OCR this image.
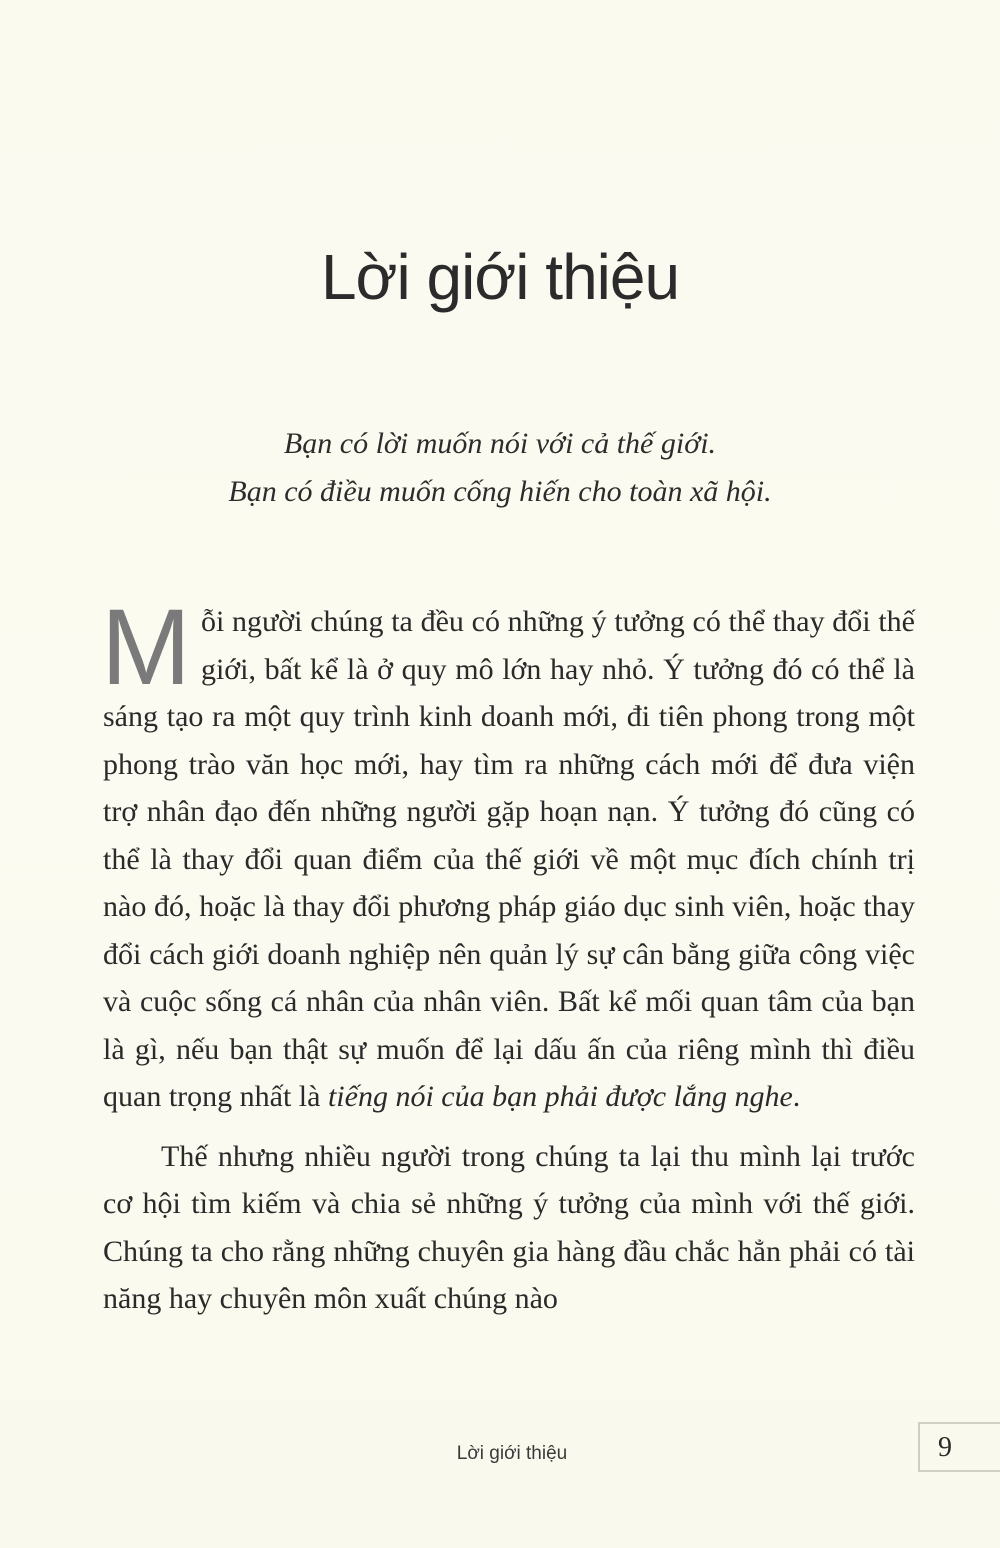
Lời giới thiệu
Bạn có lời muốn nói với cả thế giới.
Bạn có điều muốn cống hiến cho toàn xã hội.

Mỗi người chúng ta đều có những ý tưởng có thể thay đổi thế giới, bất kể là ở quy mô lớn hay nhỏ. Ý tưởng đó có thể là sáng tạo ra một quy trình kinh doanh mới, đi tiên phong trong một phong trào văn học mới, hay tìm ra những cách mới để đưa viện trợ nhân đạo đến những người gặp hoạn nạn. Ý tưởng đó cũng có thể là thay đổi quan điểm của thế giới về một mục đích chính trị nào đó, hoặc là thay đổi phương pháp giáo dục sinh viên, hoặc thay đổi cách giới doanh nghiệp nên quản lý sự cân bằng giữa công việc và cuộc sống cá nhân của nhân viên. Bất kể mối quan tâm của bạn là gì, nếu bạn thật sự muốn để lại dấu ấn của riêng mình thì điều quan trọng nhất là tiếng nói của bạn phải được lắng nghe.

Thế nhưng nhiều người trong chúng ta lại thu mình lại trước cơ hội tìm kiếm và chia sẻ những ý tưởng của mình với thế giới. Chúng ta cho rằng những chuyên gia hàng đầu chắc hẳn phải có tài năng hay chuyên môn xuất chúng nào

Lời giới thiệu	9
